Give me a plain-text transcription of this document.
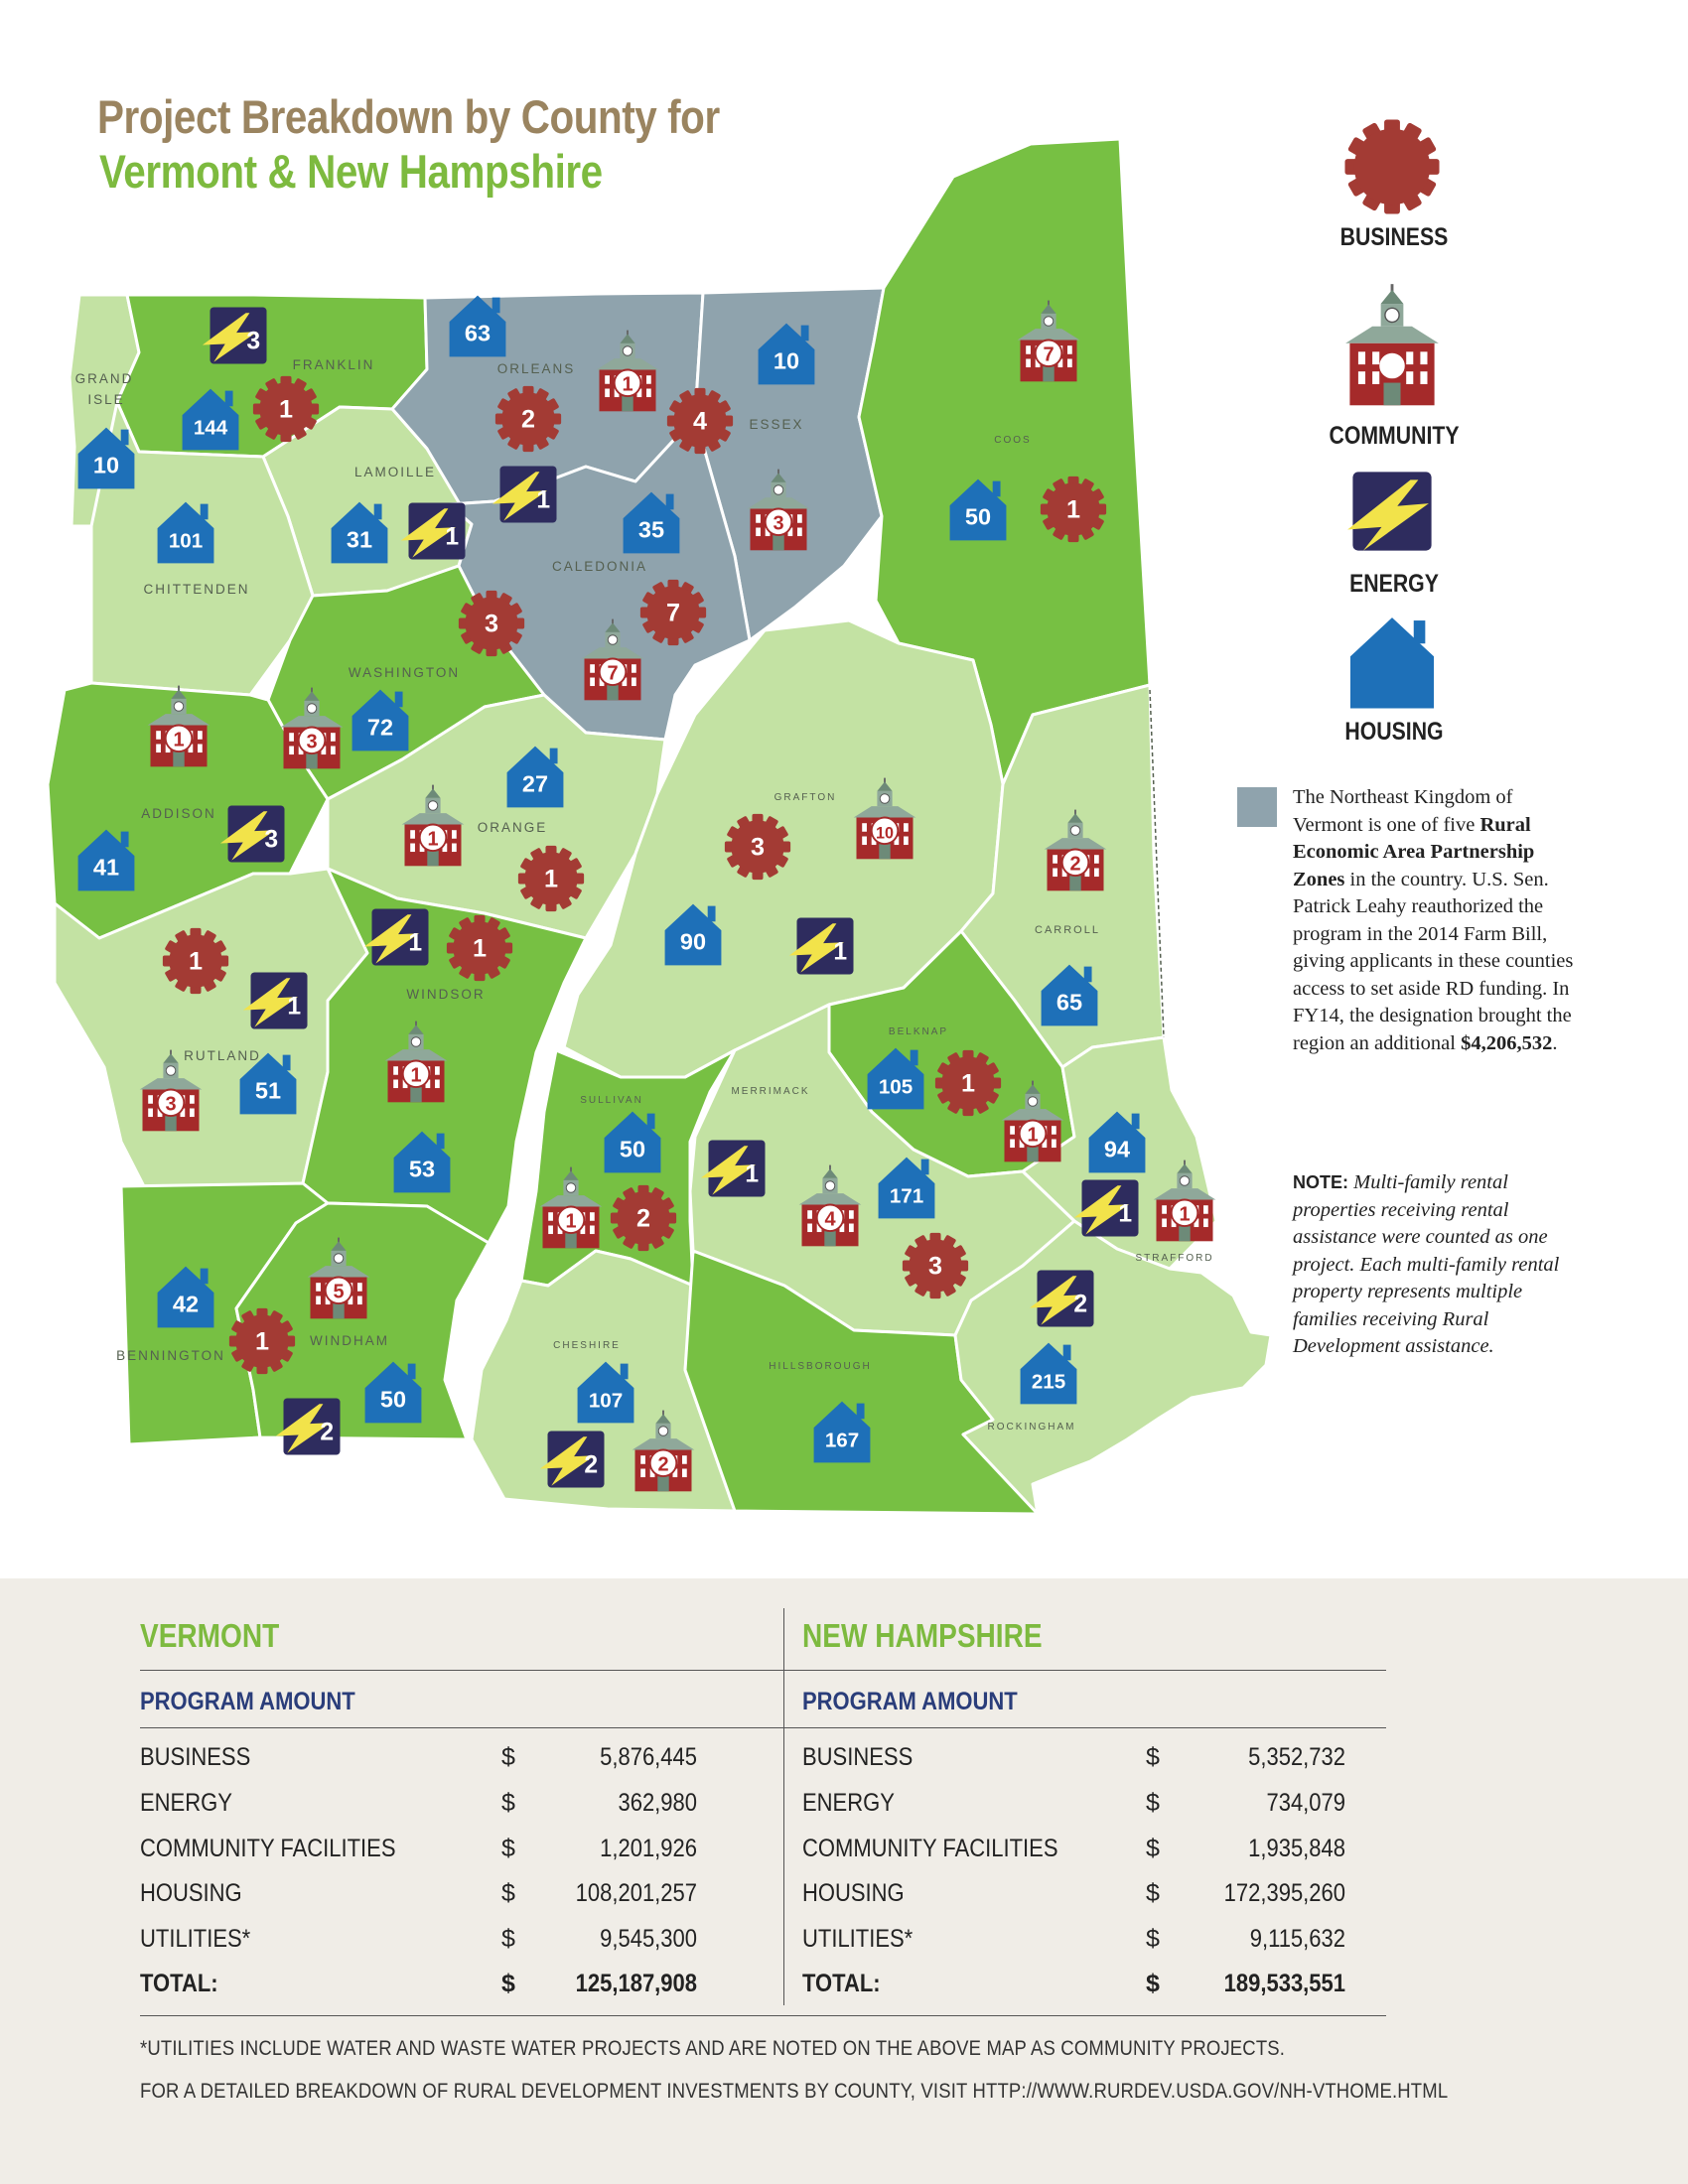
Project Breakdown by County for
Vermont & New Hampshire
GRAND
ISLE
FRANKLIN	ORLEANS
ESSEX
COOS
LAMOILLE
CHITTENDEN
CALEDONIA
WASHINGTON
ADDISON
ORANGE
GRAFTON
CARROLL
WINDSOR
RUTLAND
BELKNAP
SULLIVAN
MERRIMACK
STRAFFORD
BENNINGTON
WINDHAM	CHESHIRE
HILLSBOROUGH
ROCKINGHAM
3
144
1
10
63
1
2	4
1
10
35	3
7
50	1
31	1
101
3	7
7
1	3
72
27
3
41
1
1
3
10
90	1
2
65
1
1 1
1
1
3
51
53
105 1
1
94
1 1
50
1
171
1 2	4
3
2
215
42	5
1
50
2
107
2	2
167
BUSINESS
COMMUNITY
ENERGY
HOUSING
The Northeast Kingdom of Vermont is one of five Rural Economic Area Partnership Zones in the country. U.S. Sen. Patrick Leahy reauthorized the program in the 2014 Farm Bill, giving applicants in these counties access to set aside RD funding. In FY14, the designation brought the region an additional $4,206,532.
NOTE: Multi-family rental properties receiving rental assistance were counted as one project. Each multi-family rental property represents multiple families receiving Rural Development assistance.
VERMONT	NEW HAMPSHIRE
PROGRAM AMOUNT	PROGRAM AMOUNT
BUSINESS	$	5,876,445
ENERGY	$	362,980
COMMUNITY FACILITIES	$	1,201,926
HOUSING	$	108,201,257
UTILITIES*	$	9,545,300
TOTAL:	$	125,187,908
BUSINESS	$	5,352,732
ENERGY	$	734,079
COMMUNITY FACILITIES	$	1,935,848
HOUSING	$	172,395,260
UTILITIES*	$	9,115,632
TOTAL:	$	189,533,551
*UTILITIES INCLUDE WATER AND WASTE WATER PROJECTS AND ARE NOTED ON THE ABOVE MAP AS COMMUNITY PROJECTS.
FOR A DETAILED BREAKDOWN OF RURAL DEVELOPMENT INVESTMENTS BY COUNTY, VISIT HTTP://WWW.RURDEV.USDA.GOV/NH-VTHOME.HTML
